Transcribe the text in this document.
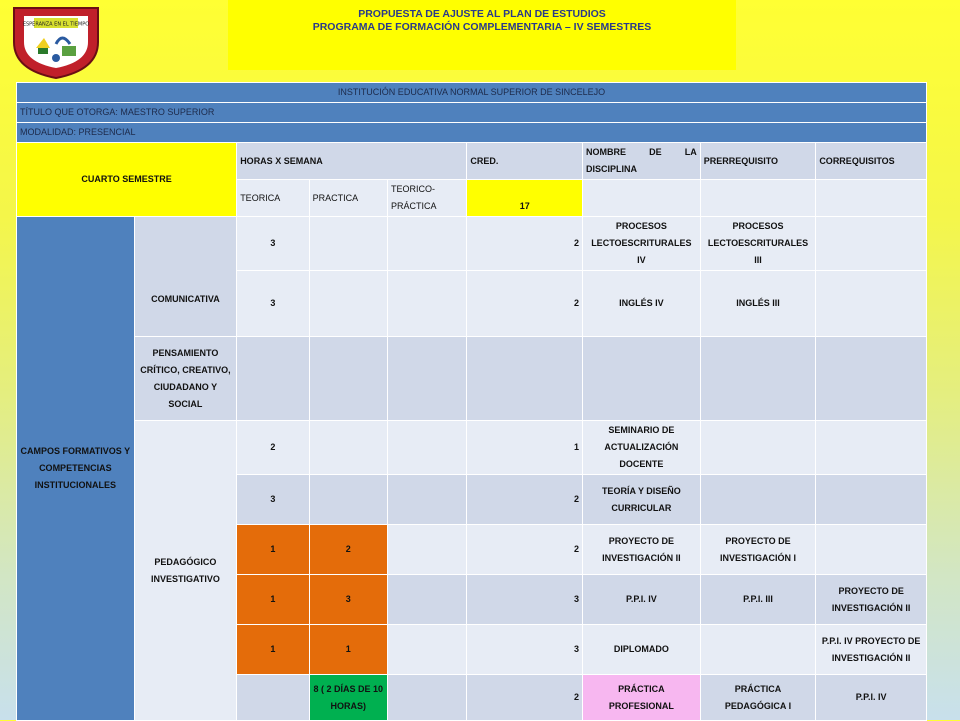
ESPERANZA EN EL TIEMPO
PROPUESTA DE AJUSTE AL PLAN DE ESTUDIOS
PROGRAMA DE FORMACIÓN COMPLEMENTARIA – IV SEMESTRES
INSTITUCIÓN EDUCATIVA NORMAL SUPERIOR DE SINCELEJO								
TÍTULO QUE OTORGA: MAESTRO SUPERIOR								
MODALIDAD: PRESENCIAL								
CUARTO SEMESTRE		HORAS X SEMANA			CRED.	NOMBRE DE LA DISCIPLINA	PRERREQUISITO	CORREQUISITOS
		TEORICA	PRACTICA	TEORICO-PRÁCTICA	17			
CAMPOS FORMATIVOS Y COMPETENCIAS INSTITUCIONALES	COMUNICATIVA	3			2	PROCESOS LECTOESCRITURALES IV	PROCESOS LECTOESCRITURALES III	
		3			2	INGLÉS IV	INGLÉS III	
	PENSAMIENTO CRÍTICO, CREATIVO, CIUDADANO Y SOCIAL							
	PEDAGÓGICO INVESTIGATIVO	2			1	SEMINARIO DE ACTUALIZACIÓN DOCENTE		
		3			2	TEORÍA Y DISEÑO CURRICULAR		
		1	2		2	PROYECTO DE INVESTIGACIÓN II	PROYECTO DE INVESTIGACIÓN I	
		1	3		3	P.P.I. IV	P.P.I. III	PROYECTO DE INVESTIGACIÓN II
		1	1		3	DIPLOMADO		P.P.I. IV PROYECTO DE INVESTIGACIÓN II
			8 ( 2 DÍAS DE 10 HORAS)		2	PRÁCTICA PROFESIONAL	PRÁCTICA PEDAGÓGICA I	P.P.I. IV
